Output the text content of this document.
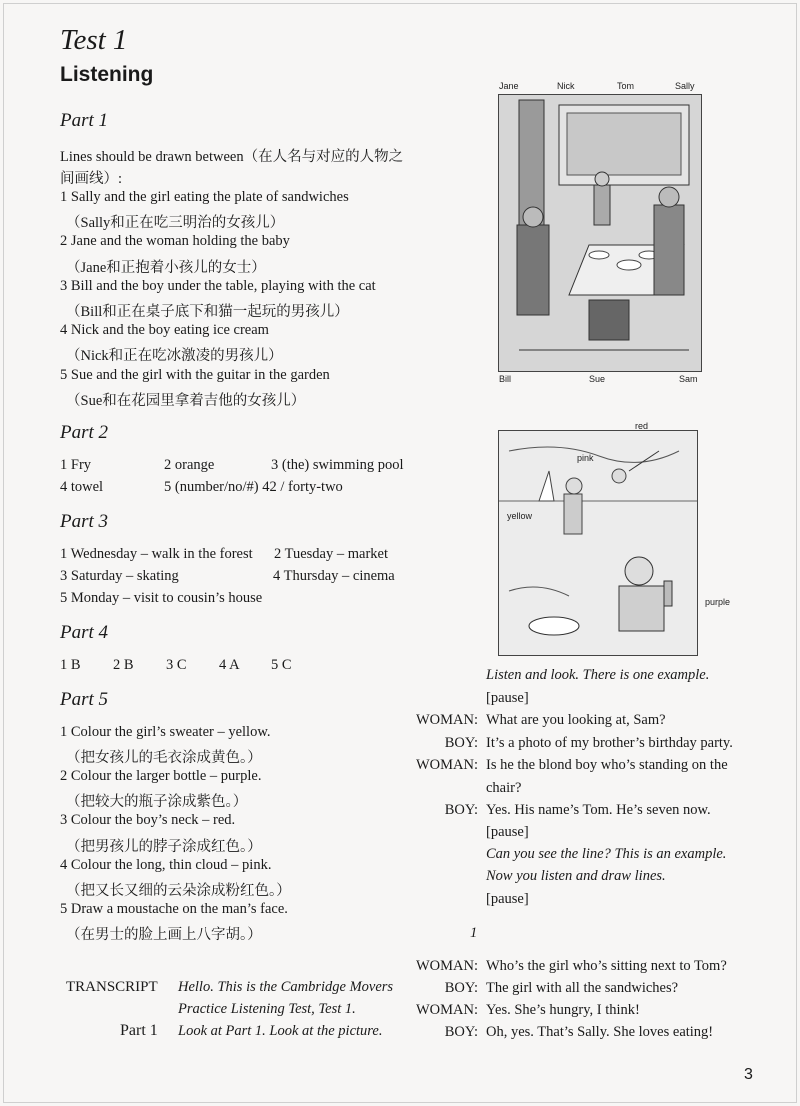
Test 1
Listening
Part 1
Lines should be drawn between（在人名与对应的人物之
间画线）:
1 Sally and the girl eating the plate of sandwiches
（Sally和正在吃三明治的女孩儿）
2 Jane and the woman holding the baby
（Jane和正抱着小孩儿的女士）
3 Bill and the boy under the table, playing with the cat
（Bill和正在桌子底下和猫一起玩的男孩儿）
4 Nick and the boy eating ice cream
（Nick和正在吃冰激凌的男孩儿）
5 Sue and the girl with the guitar in the garden
（Sue和在花园里拿着吉他的女孩儿）
Part 2
1 Fry	2 orange	3 (the) swimming pool
4 towel	5 (number/no/#) 42 / forty-two
Part 3
1 Wednesday – walk in the forest 2 Tuesday – market
3 Saturday – skating	4 Thursday – cinema
5 Monday – visit to cousin’s house
Part 4
1 B 2 B 3 C 4 A 5 C
Part 5
1 Colour the girl’s sweater – yellow.
（把女孩儿的毛衣涂成黄色。）
2 Colour the larger bottle – purple.
（把较大的瓶子涂成紫色。）
3 Colour the boy’s neck – red.
（把男孩儿的脖子涂成红色。）
4 Colour the long, thin cloud – pink.
（把又长又细的云朵涂成粉红色。）
5 Draw a moustache on the man’s face.
（在男士的脸上画上八字胡。）
TRANSCRIPT Hello. This is the Cambridge Movers
Practice Listening Test, Test 1.
Part 1 Look at Part 1. Look at the picture.
Listen and look. There is one example.
[pause]
WOMAN: What are you looking at, Sam?
BOY: It’s a photo of my brother’s birthday party.
WOMAN: Is he the blond boy who’s standing on the
chair?
BOY: Yes. His name’s Tom. He’s seven now.
[pause]
Can you see the line? This is an example.
Now you listen and draw lines.
[pause]
1
WOMAN: Who’s the girl who’s sitting next to Tom?
BOY: The girl with all the sandwiches?
WOMAN: Yes. She’s hungry, I think!
BOY: Oh, yes. That’s Sally. She loves eating!
Jane	Nick	Tom	Sally
Bill	Sue	Sam
red
pink
yellow
purple
3
